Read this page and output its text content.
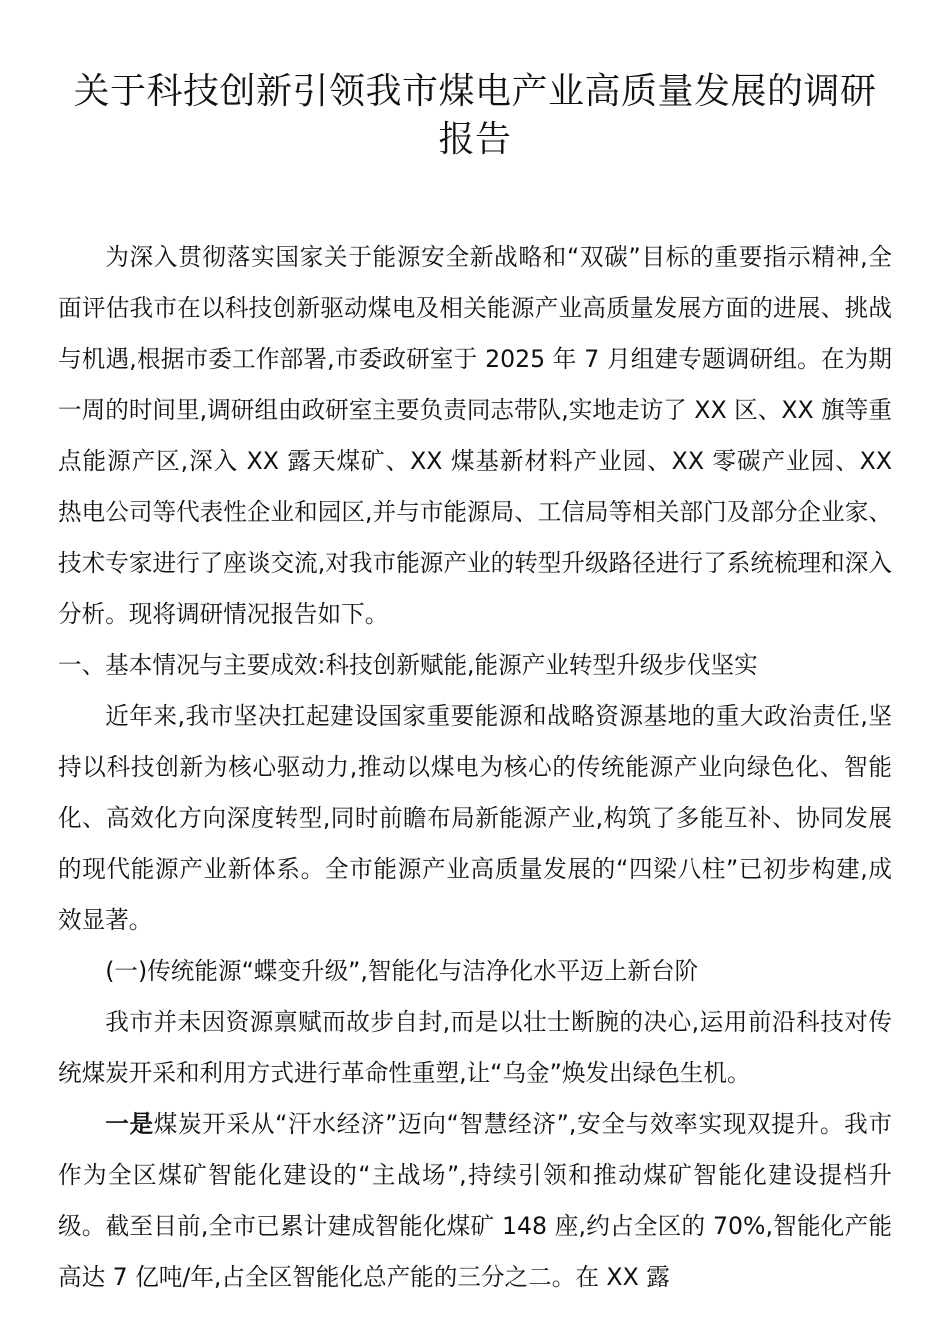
关于科技创新引领我市煤电产业高质量发展的调研报告

为深入贯彻落实国家关于能源安全新战略和“双碳”目标的重要指示精神,全面评估我市在以科技创新驱动煤电及相关能源产业高质量发展方面的进展、挑战与机遇,根据市委工作部署,市委政研室于 2025 年 7 月组建专题调研组。在为期一周的时间里,调研组由政研室主要负责同志带队,实地走访了 XX 区、XX 旗等重点能源产区,深入 XX 露天煤矿、XX 煤基新材料产业园、XX 零碳产业园、XX 热电公司等代表性企业和园区,并与市能源局、工信局等相关部门及部分企业家、技术专家进行了座谈交流,对我市能源产业的转型升级路径进行了系统梳理和深入分析。现将调研情况报告如下。

一、基本情况与主要成效:科技创新赋能,能源产业转型升级步伐坚实

近年来,我市坚决扛起建设国家重要能源和战略资源基地的重大政治责任,坚持以科技创新为核心驱动力,推动以煤电为核心的传统能源产业向绿色化、智能化、高效化方向深度转型,同时前瞻布局新能源产业,构筑了多能互补、协同发展的现代能源产业新体系。全市能源产业高质量发展的“四梁八柱”已初步构建,成效显著。

(一)传统能源“蝶变升级”,智能化与洁净化水平迈上新台阶

我市并未因资源禀赋而故步自封,而是以壮士断腕的决心,运用前沿科技对传统煤炭开采和利用方式进行革命性重塑,让“乌金”焕发出绿色生机。

一是煤炭开采从“汗水经济”迈向“智慧经济”,安全与效率实现双提升。我市作为全区煤矿智能化建设的“主战场”,持续引领和推动煤矿智能化建设提档升级。截至目前,全市已累计建成智能化煤矿 148 座,约占全区的 70%,智能化产能高达 7 亿吨/年,占全区智能化总产能的三分之二。在 XX 露
